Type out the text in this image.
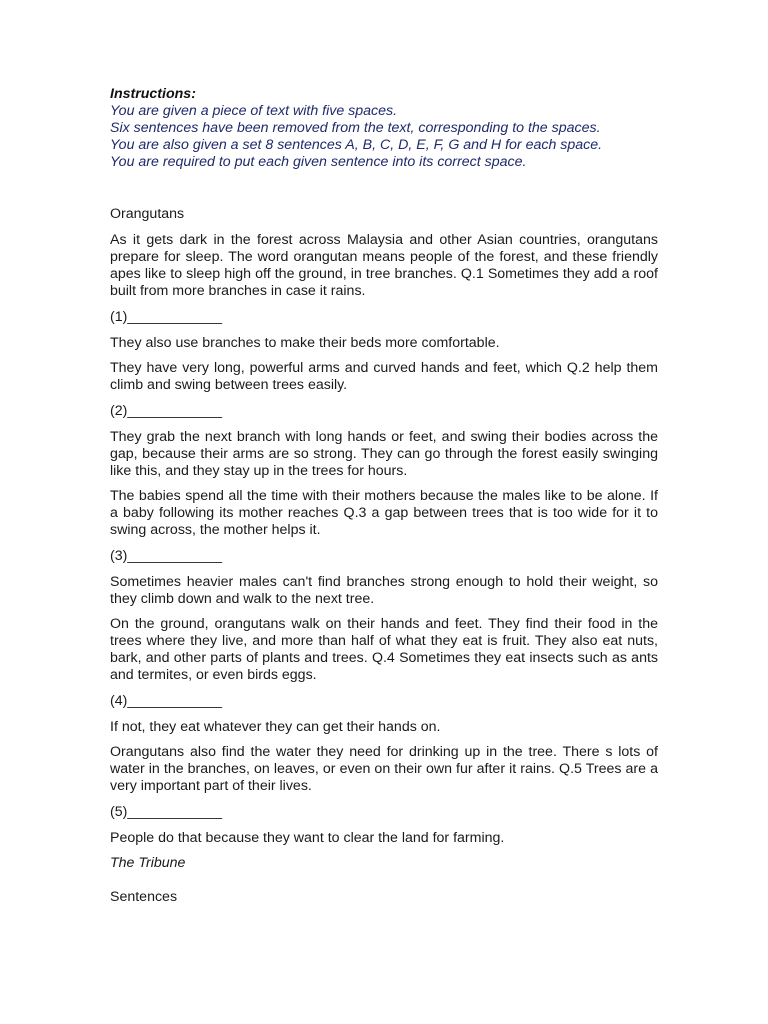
Instructions:
You are given a piece of text with five spaces.
Six sentences have been removed from the text, corresponding to the spaces.
You are also given a set 8 sentences A, B, C, D, E, F, G and H for each space.
You are required to put each given sentence into its correct space.

Orangutans

As it gets dark in the forest across Malaysia and other Asian countries, orangutans prepare for sleep. The word orangutan means people of the forest, and these friendly apes like to sleep high off the ground, in tree branches. Q.1 Sometimes they add a roof built from more branches in case it rains.

(1)____________

They also use branches to make their beds more comfortable.

They have very long, powerful arms and curved hands and feet, which Q.2 help them climb and swing between trees easily.

(2)____________

They grab the next branch with long hands or feet, and swing their bodies across the gap, because their arms are so strong. They can go through the forest easily swinging like this, and they stay up in the trees for hours.

The babies spend all the time with their mothers because the males like to be alone. If a baby following its mother reaches Q.3 a gap between trees that is too wide for it to swing across, the mother helps it.

(3)____________

Sometimes heavier males can't find branches strong enough to hold their weight, so they climb down and walk to the next tree.

On the ground, orangutans walk on their hands and feet. They find their food in the trees where they live, and more than half of what they eat is fruit. They also eat nuts, bark, and other parts of plants and trees. Q.4 Sometimes they eat insects such as ants and termites, or even birds eggs.

(4)____________

If not, they eat whatever they can get their hands on.

Orangutans also find the water they need for drinking up in the tree. There s lots of water in the branches, on leaves, or even on their own fur after it rains. Q.5 Trees are a very important part of their lives.

(5)____________

People do that because they want to clear the land for farming.

The Tribune

Sentences
